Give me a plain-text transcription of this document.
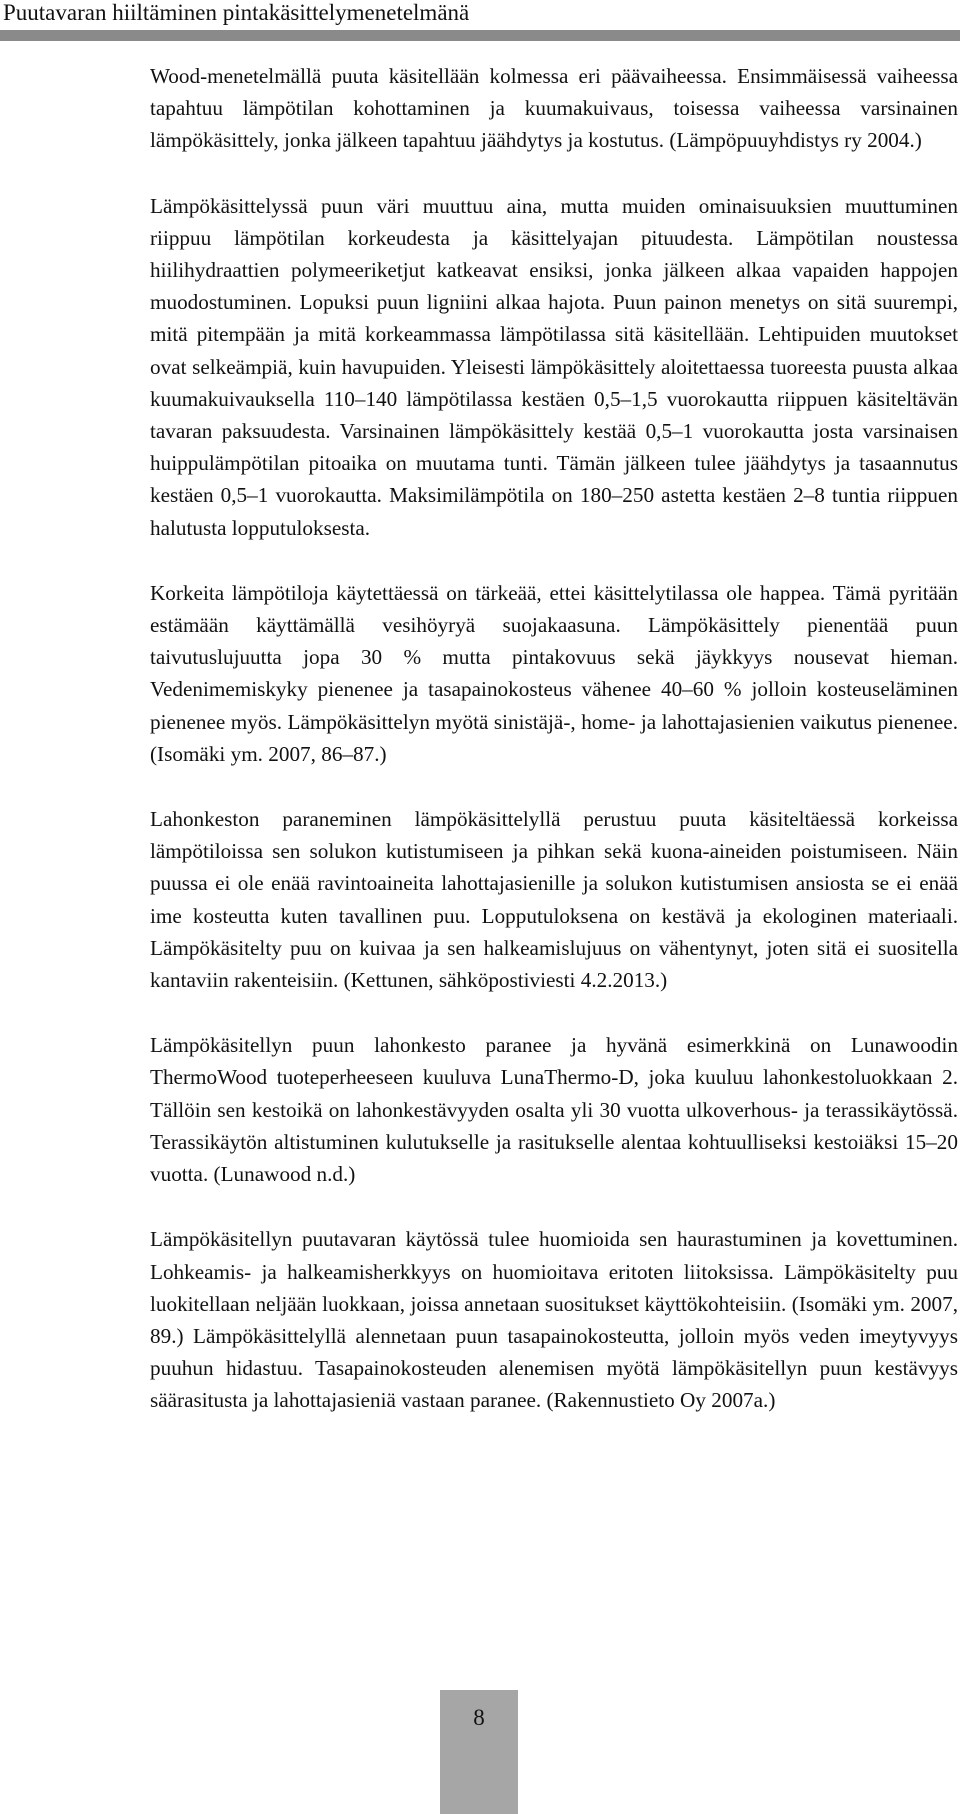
Puutavaran hiiltäminen pintakäsittelymenetelmänä

Wood-menetelmällä puuta käsitellään kolmessa eri päävaiheessa. Ensimmäisessä vaiheessa tapahtuu lämpötilan kohottaminen ja kuumakuivaus, toisessa vaiheessa varsinainen lämpökäsittely, jonka jälkeen tapahtuu jäähdytys ja kostutus. (Lämpöpuuyhdistys ry 2004.)

Lämpökäsittelyssä puun väri muuttuu aina, mutta muiden ominaisuuksien muuttuminen riippuu lämpötilan korkeudesta ja käsittelyajan pituudesta. Lämpötilan noustessa hiilihydraattien polymeeriketjut katkeavat ensiksi, jonka jälkeen alkaa vapaiden happojen muodostuminen. Lopuksi puun ligniini alkaa hajota. Puun painon menetys on sitä suurempi, mitä pitempään ja mitä korkeammassa lämpötilassa sitä käsitellään. Lehtipuiden muutokset ovat selkeämpiä, kuin havupuiden. Yleisesti lämpökäsittely aloitettaessa tuoreesta puusta alkaa kuumakuivauksella 110–140 lämpötilassa kestäen 0,5–1,5 vuorokautta riippuen käsiteltävän tavaran paksuudesta. Varsinainen lämpökäsittely kestää 0,5–1 vuorokautta josta varsinaisen huippulämpötilan pitoaika on muutama tunti. Tämän jälkeen tulee jäähdytys ja tasaannutus kestäen 0,5–1 vuorokautta. Maksimilämpötila on 180–250 astetta kestäen 2–8 tuntia riippuen halutusta lopputuloksesta.

Korkeita lämpötiloja käytettäessä on tärkeää, ettei käsittelytilassa ole happea. Tämä pyritään estämään käyttämällä vesihöyryä suojakaasuna. Lämpökäsittely pienentää puun taivutuslujuutta jopa 30 % mutta pintakovuus sekä jäykkyys nousevat hieman. Vedenimemiskyky pienenee ja tasapainokosteus vähenee 40–60 % jolloin kosteuseläminen pienenee myös. Lämpökäsittelyn myötä sinistäjä-, home- ja lahottajasienien vaikutus pienenee. (Isomäki ym. 2007, 86–87.)

Lahonkeston paraneminen lämpökäsittelyllä perustuu puuta käsiteltäessä korkeissa lämpötiloissa sen solukon kutistumiseen ja pihkan sekä kuona-aineiden poistumiseen. Näin puussa ei ole enää ravintoaineita lahottajasienille ja solukon kutistumisen ansiosta se ei enää ime kosteutta kuten tavallinen puu. Lopputuloksena on kestävä ja ekologinen materiaali. Lämpökäsitelty puu on kuivaa ja sen halkeamislujuus on vähentynyt, joten sitä ei suositella kantaviin rakenteisiin. (Kettunen, sähköpostiviesti 4.2.2013.)

Lämpökäsitellyn puun lahonkesto paranee ja hyvänä esimerkkinä on Lunawoodin ThermoWood tuoteperheeseen kuuluva LunaThermo-D, joka kuuluu lahonkestoluokkaan 2. Tällöin sen kestoikä on lahonkestävyyden osalta yli 30 vuotta ulkoverhous- ja terassikäytössä. Terassikäytön altistuminen kulutukselle ja rasitukselle alentaa kohtuulliseksi kestoiäksi 15–20 vuotta. (Lunawood n.d.)

Lämpökäsitellyn puutavaran käytössä tulee huomioida sen haurastuminen ja kovettuminen. Lohkeamis- ja halkeamisherkkyys on huomioitava eritoten liitoksissa. Lämpökäsitelty puu luokitellaan neljään luokkaan, joissa annetaan suositukset käyttökohteisiin. (Isomäki ym. 2007, 89.) Lämpökäsittelyllä alennetaan puun tasapainokosteutta, jolloin myös veden imeytyvyys puuhun hidastuu. Tasapainokosteuden alenemisen myötä lämpökäsitellyn puun kestävyys säärasitusta ja lahottajasieniä vastaan paranee. (Rakennustieto Oy 2007a.)

8
